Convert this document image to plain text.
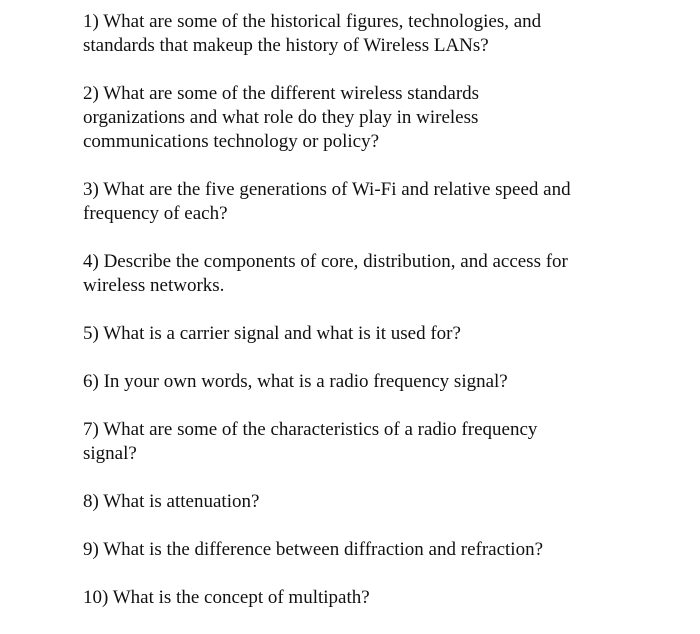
1) What are some of the historical figures, technologies, and
standards that makeup the history of Wireless LANs?
2) What are some of the different wireless standards
organizations and what role do they play in wireless
communications technology or policy?
3) What are the five generations of Wi-Fi and relative speed and
frequency of each?
4) Describe the components of core, distribution, and access for
wireless networks.
5) What is a carrier signal and what is it used for?
6) In your own words, what is a radio frequency signal?
7) What are some of the characteristics of a radio frequency
signal?
8) What is attenuation?
9) What is the difference between diffraction and refraction?
10) What is the concept of multipath?
